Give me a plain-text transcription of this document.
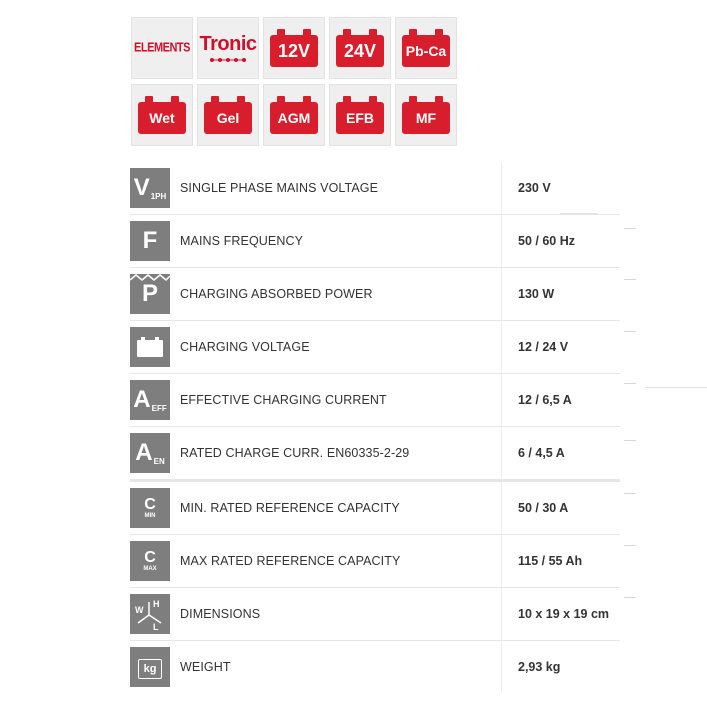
ELEMENTS Tronic	12V	24V	Pb-Ca
Wet	Gel	AGM	EFB	MF
V 1PH
SINGLE PHASE MAINS VOLTAGE	230 V
F MAINS FREQUENCY	50 / 60 Hz
P CHARGING ABSORBED POWER	130 W
CHARGING VOLTAGE	12 / 24 V
A EFF
EFFECTIVE CHARGING CURRENT	12 / 6,5 A
A EN
RATED CHARGE CURR. EN60335-2-29	6 / 4,5 A
C
MIN
MIN. RATED REFERENCE CAPACITY	50 / 30 A
C
MAX
MAX RATED REFERENCE CAPACITY	115 / 55 Ah
W
H
L
DIMENSIONS	10 x 19 x 19 cm
kg	WEIGHT	2,93 kg
